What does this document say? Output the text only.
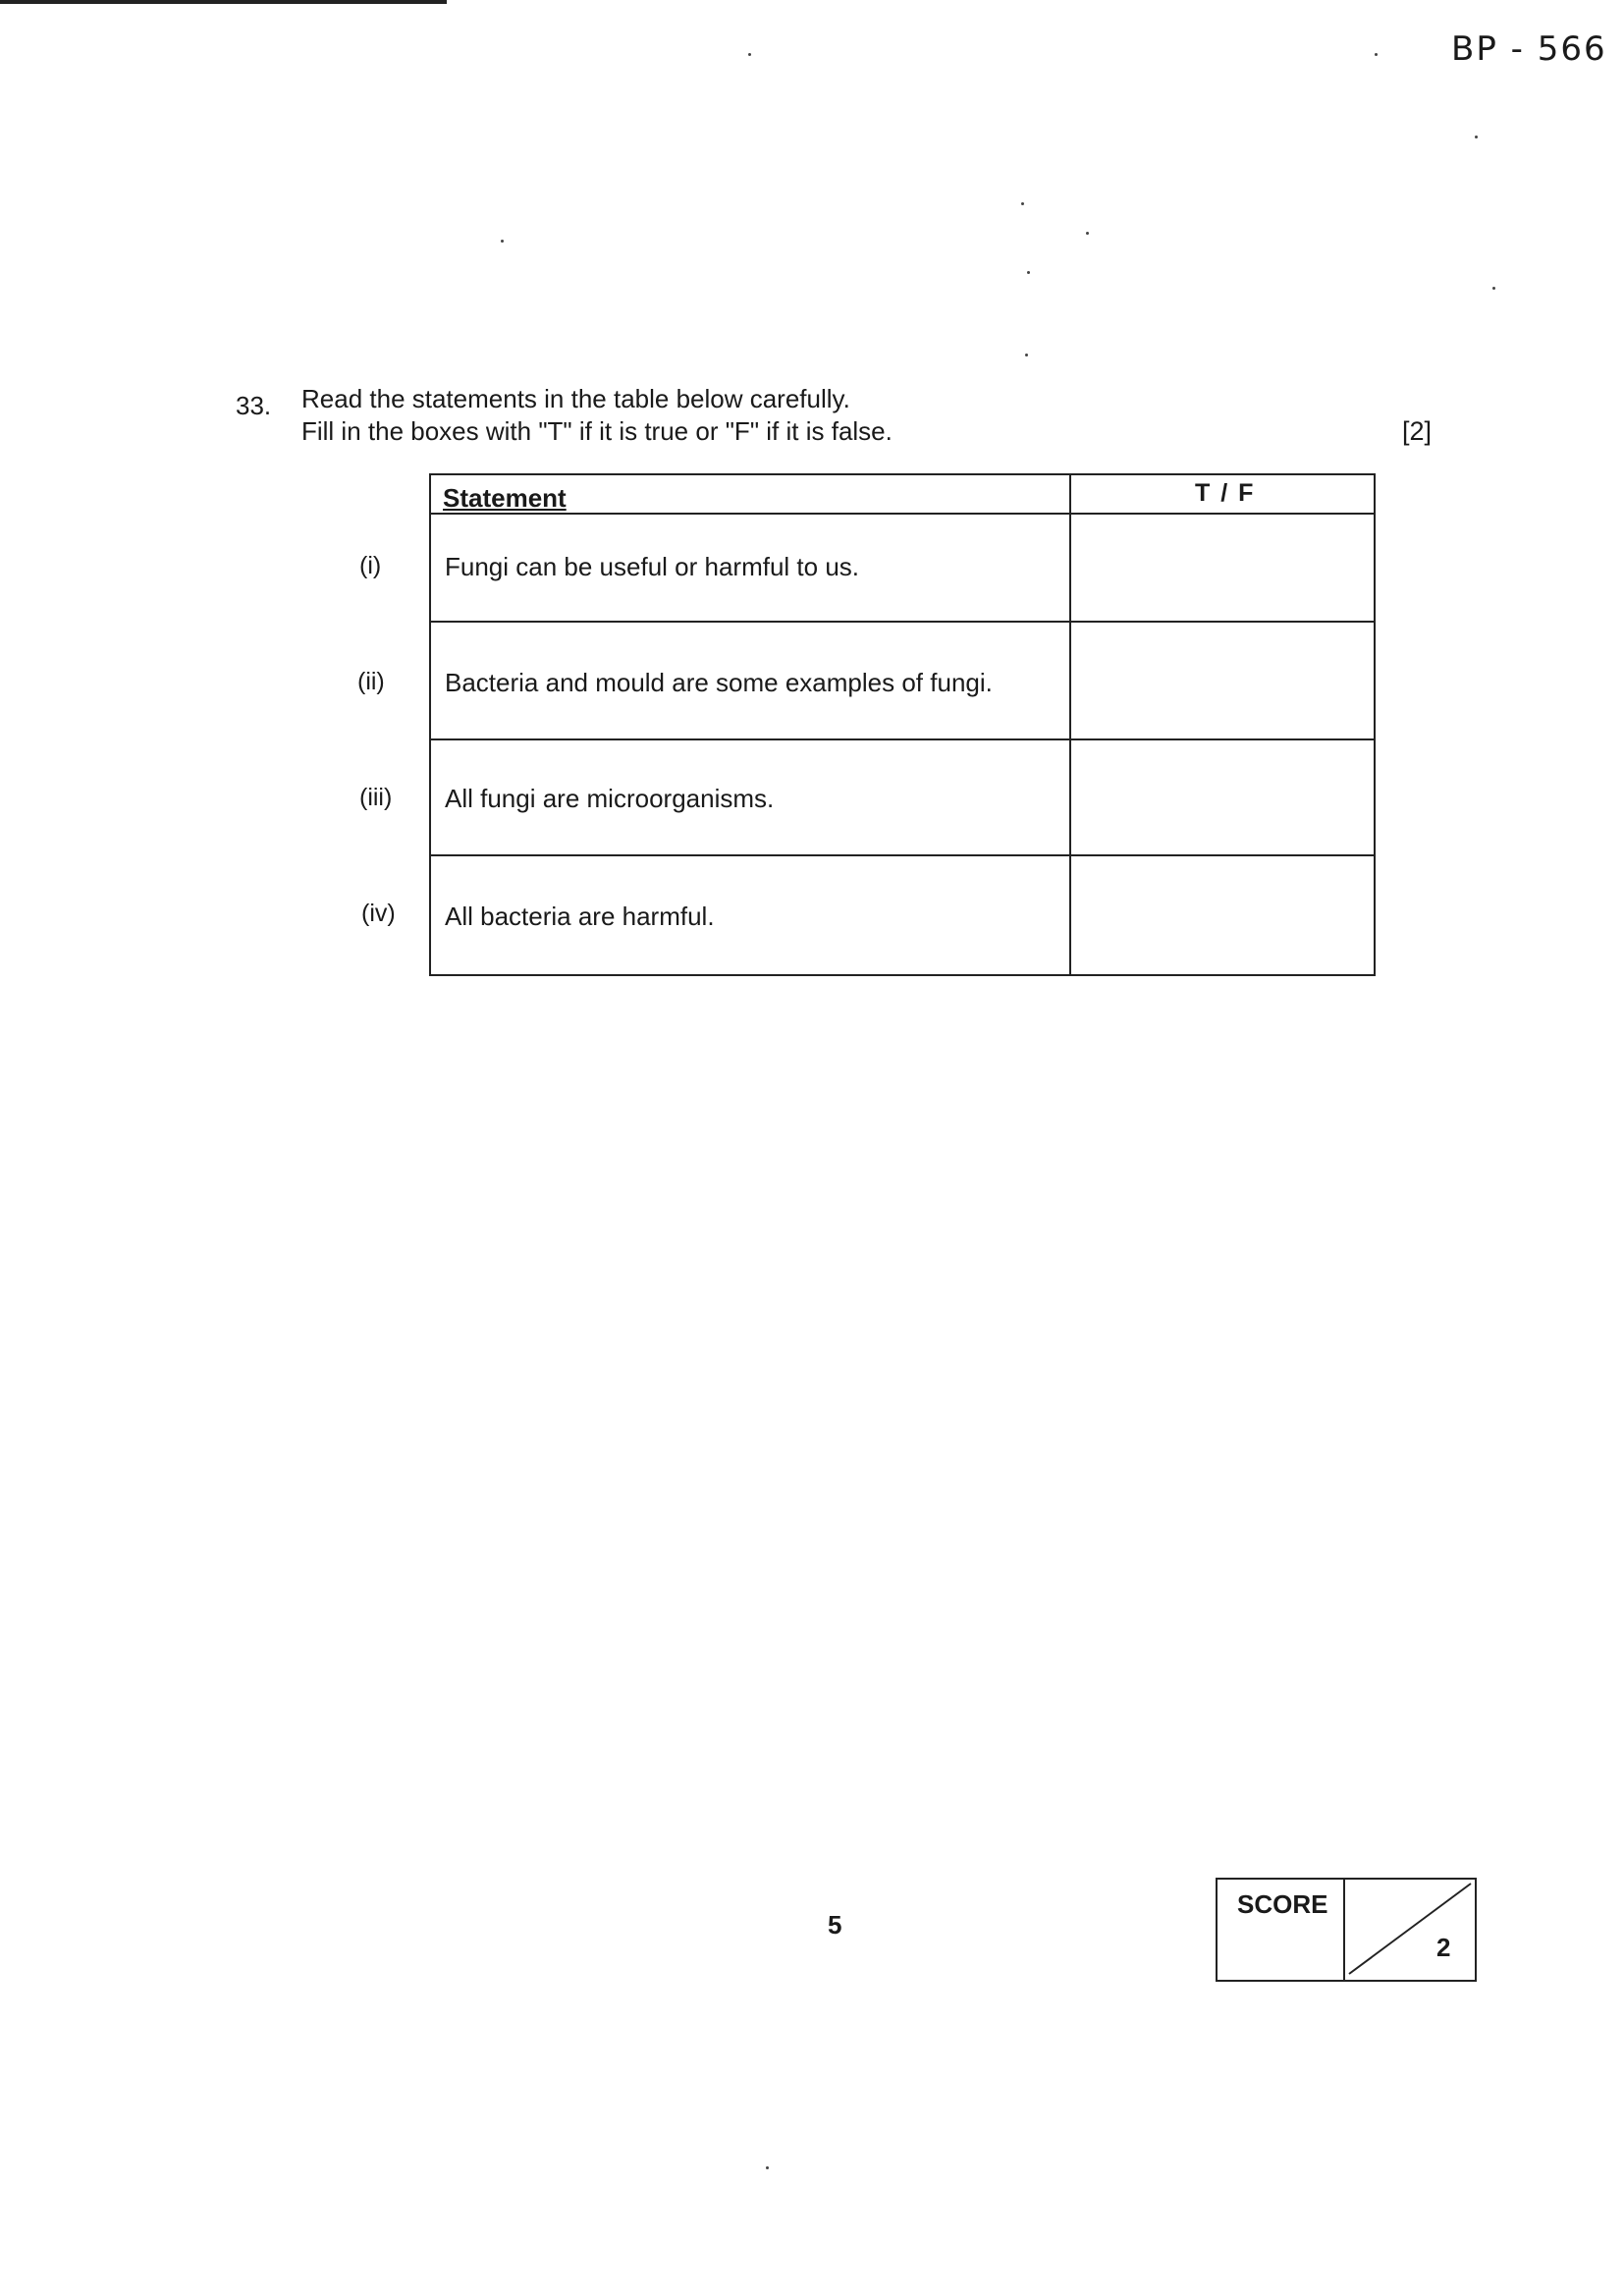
BP - 566
33. Read the statements in the table below carefully.
Fill in the boxes with "T" if it is true or "F" if it is false.	[2]
(i)
(ii)
(iii)
(iv)
Statement	T / F
Fungi can be useful or harmful to us.
Bacteria and mould are some examples of fungi.
All fungi are microorganisms.
All bacteria are harmful.
5
SCORE
2
